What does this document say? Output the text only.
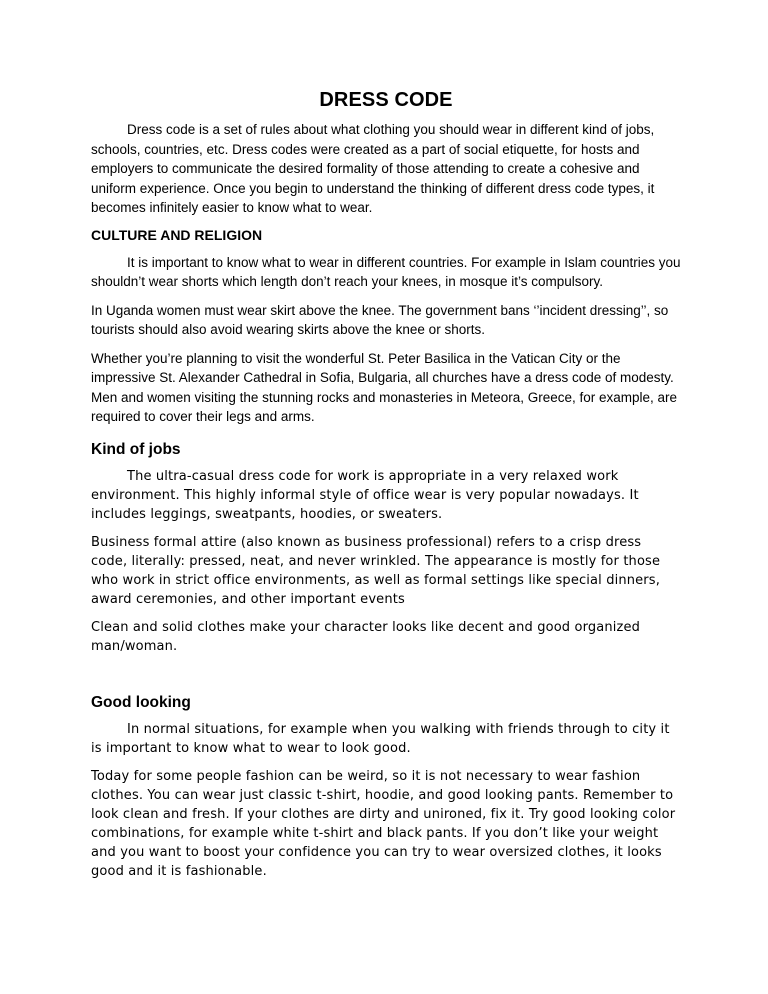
DRESS CODE

Dress code is a set of rules about what clothing you should wear in different kind of jobs, schools, countries, etc. Dress codes were created as a part of social etiquette, for hosts and employers to communicate the desired formality of those attending to create a cohesive and uniform experience. Once you begin to understand the thinking of different dress code types, it becomes infinitely easier to know what to wear.

CULTURE AND RELIGION

It is important to know what to wear in different countries. For example in Islam countries you shouldn’t wear shorts which length don’t reach your knees, in mosque it’s compulsory.

In Uganda women must wear skirt above the knee. The government bans ‘’incident dressing’’, so tourists should also avoid wearing skirts above the knee or shorts.

Whether you’re planning to visit the wonderful St. Peter Basilica in the Vatican City or the impressive St. Alexander Cathedral in Sofia, Bulgaria, all churches have a dress code of modesty. Men and women visiting the stunning rocks and monasteries in Meteora, Greece, for example, are required to cover their legs and arms.

Kind of jobs

The ultra-casual dress code for work is appropriate in a very relaxed work environment. This highly informal style of office wear is very popular nowadays. It includes leggings, sweatpants, hoodies, or sweaters.

Business formal attire (also known as business professional) refers to a crisp dress code, literally: pressed, neat, and never wrinkled. The appearance is mostly for those who work in strict office environments, as well as formal settings like special dinners, award ceremonies, and other important events

Clean and solid clothes make your character looks like decent and good organized man/woman.

Good looking

In normal situations, for example when you walking with friends through to city it is important to know what to wear to look good.

Today for some people fashion can be weird, so it is not necessary to wear fashion clothes. You can wear just classic t-shirt, hoodie, and good looking pants. Remember to look clean and fresh. If your clothes are dirty and unironed, fix it. Try good looking color combinations, for example white t-shirt and black pants. If you don’t like your weight and you want to boost your confidence you can try to wear oversized clothes, it looks good and it is fashionable.
